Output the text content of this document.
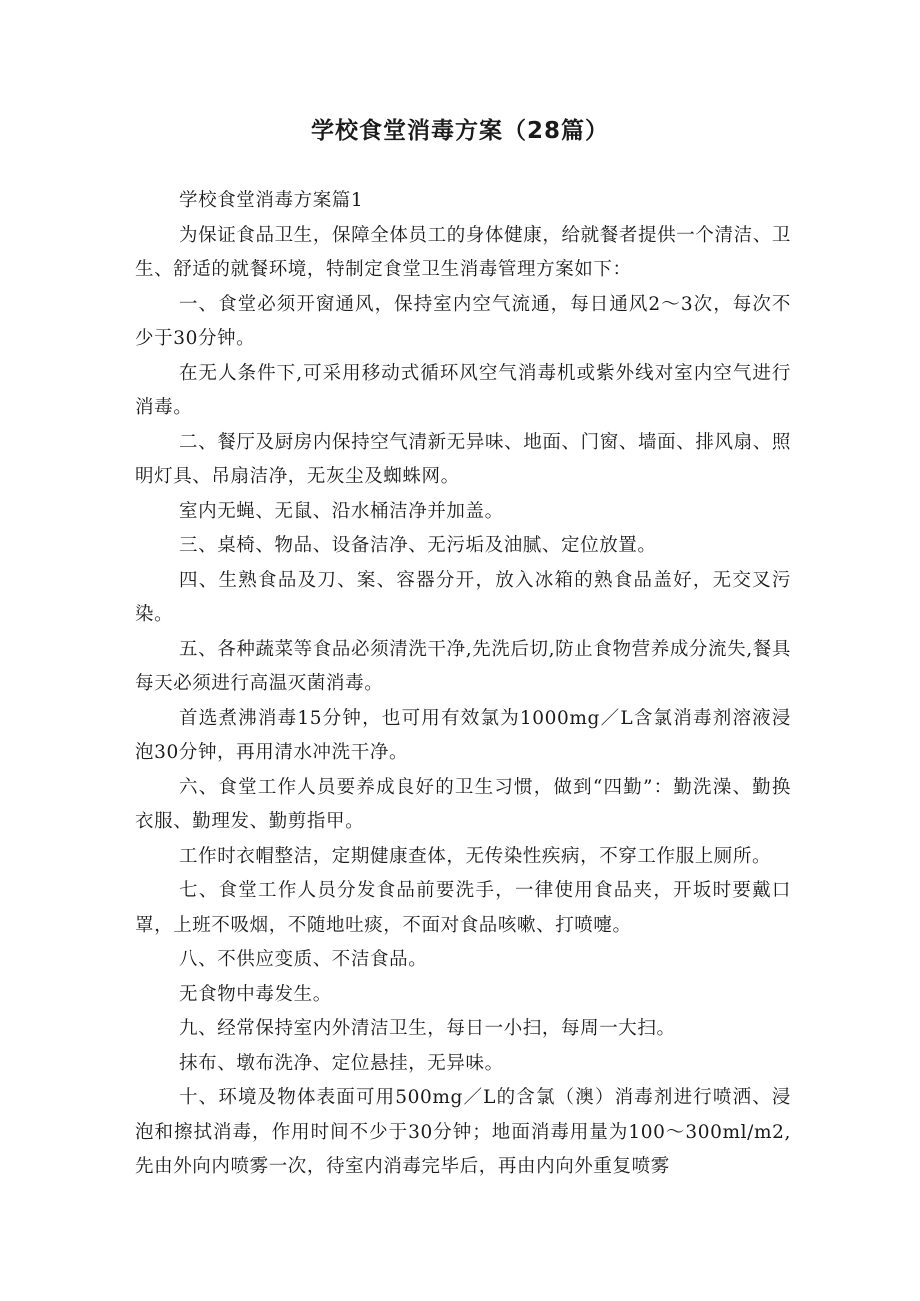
学校食堂消毒方案（28篇）

学校食堂消毒方案篇1

为保证食品卫生，保障全体员工的身体健康，给就餐者提供一个清洁、卫生、舒适的就餐环境，特制定食堂卫生消毒管理方案如下：

一、食堂必须开窗通风，保持室内空气流通，每日通风2～3次，每次不少于30分钟。

在无人条件下,可采用移动式循环风空气消毒机或紫外线对室内空气进行消毒。

二、餐厅及厨房内保持空气清新无异味、地面、门窗、墙面、排风扇、照明灯具、吊扇洁净，无灰尘及蜘蛛网。

室内无蝇、无鼠、沿水桶洁净并加盖。

三、桌椅、物品、设备洁净、无污垢及油腻、定位放置。

四、生熟食品及刀、案、容器分开，放入冰箱的熟食品盖好，无交叉污染。

五、各种蔬菜等食品必须清洗干净,先洗后切,防止食物营养成分流失,餐具每天必须进行高温灭菌消毒。

首选煮沸消毒15分钟，也可用有效氯为1000mg／L含氯消毒剂溶液浸泡30分钟，再用清水冲洗干净。

六、食堂工作人员要养成良好的卫生习惯，做到“四勤”：勤洗澡、勤换衣服、勤理发、勤剪指甲。

工作时衣帽整洁，定期健康查体，无传染性疾病，不穿工作服上厕所。

七、食堂工作人员分发食品前要洗手，一律使用食品夹，开坂时要戴口罩，上班不吸烟，不随地吐痰，不面对食品咳嗽、打喷嚏。

八、不供应变质、不洁食品。

无食物中毒发生。

九、经常保持室内外清洁卫生，每日一小扫，每周一大扫。

抹布、墩布洗净、定位悬挂，无异味。

十、环境及物体表面可用500mg／L的含氯（澳）消毒剂进行喷洒、浸泡和擦拭消毒，作用时间不少于30分钟；地面消毒用量为100～300ml/m2,先由外向内喷雾一次，待室内消毒完毕后，再由内向外重复喷雾
